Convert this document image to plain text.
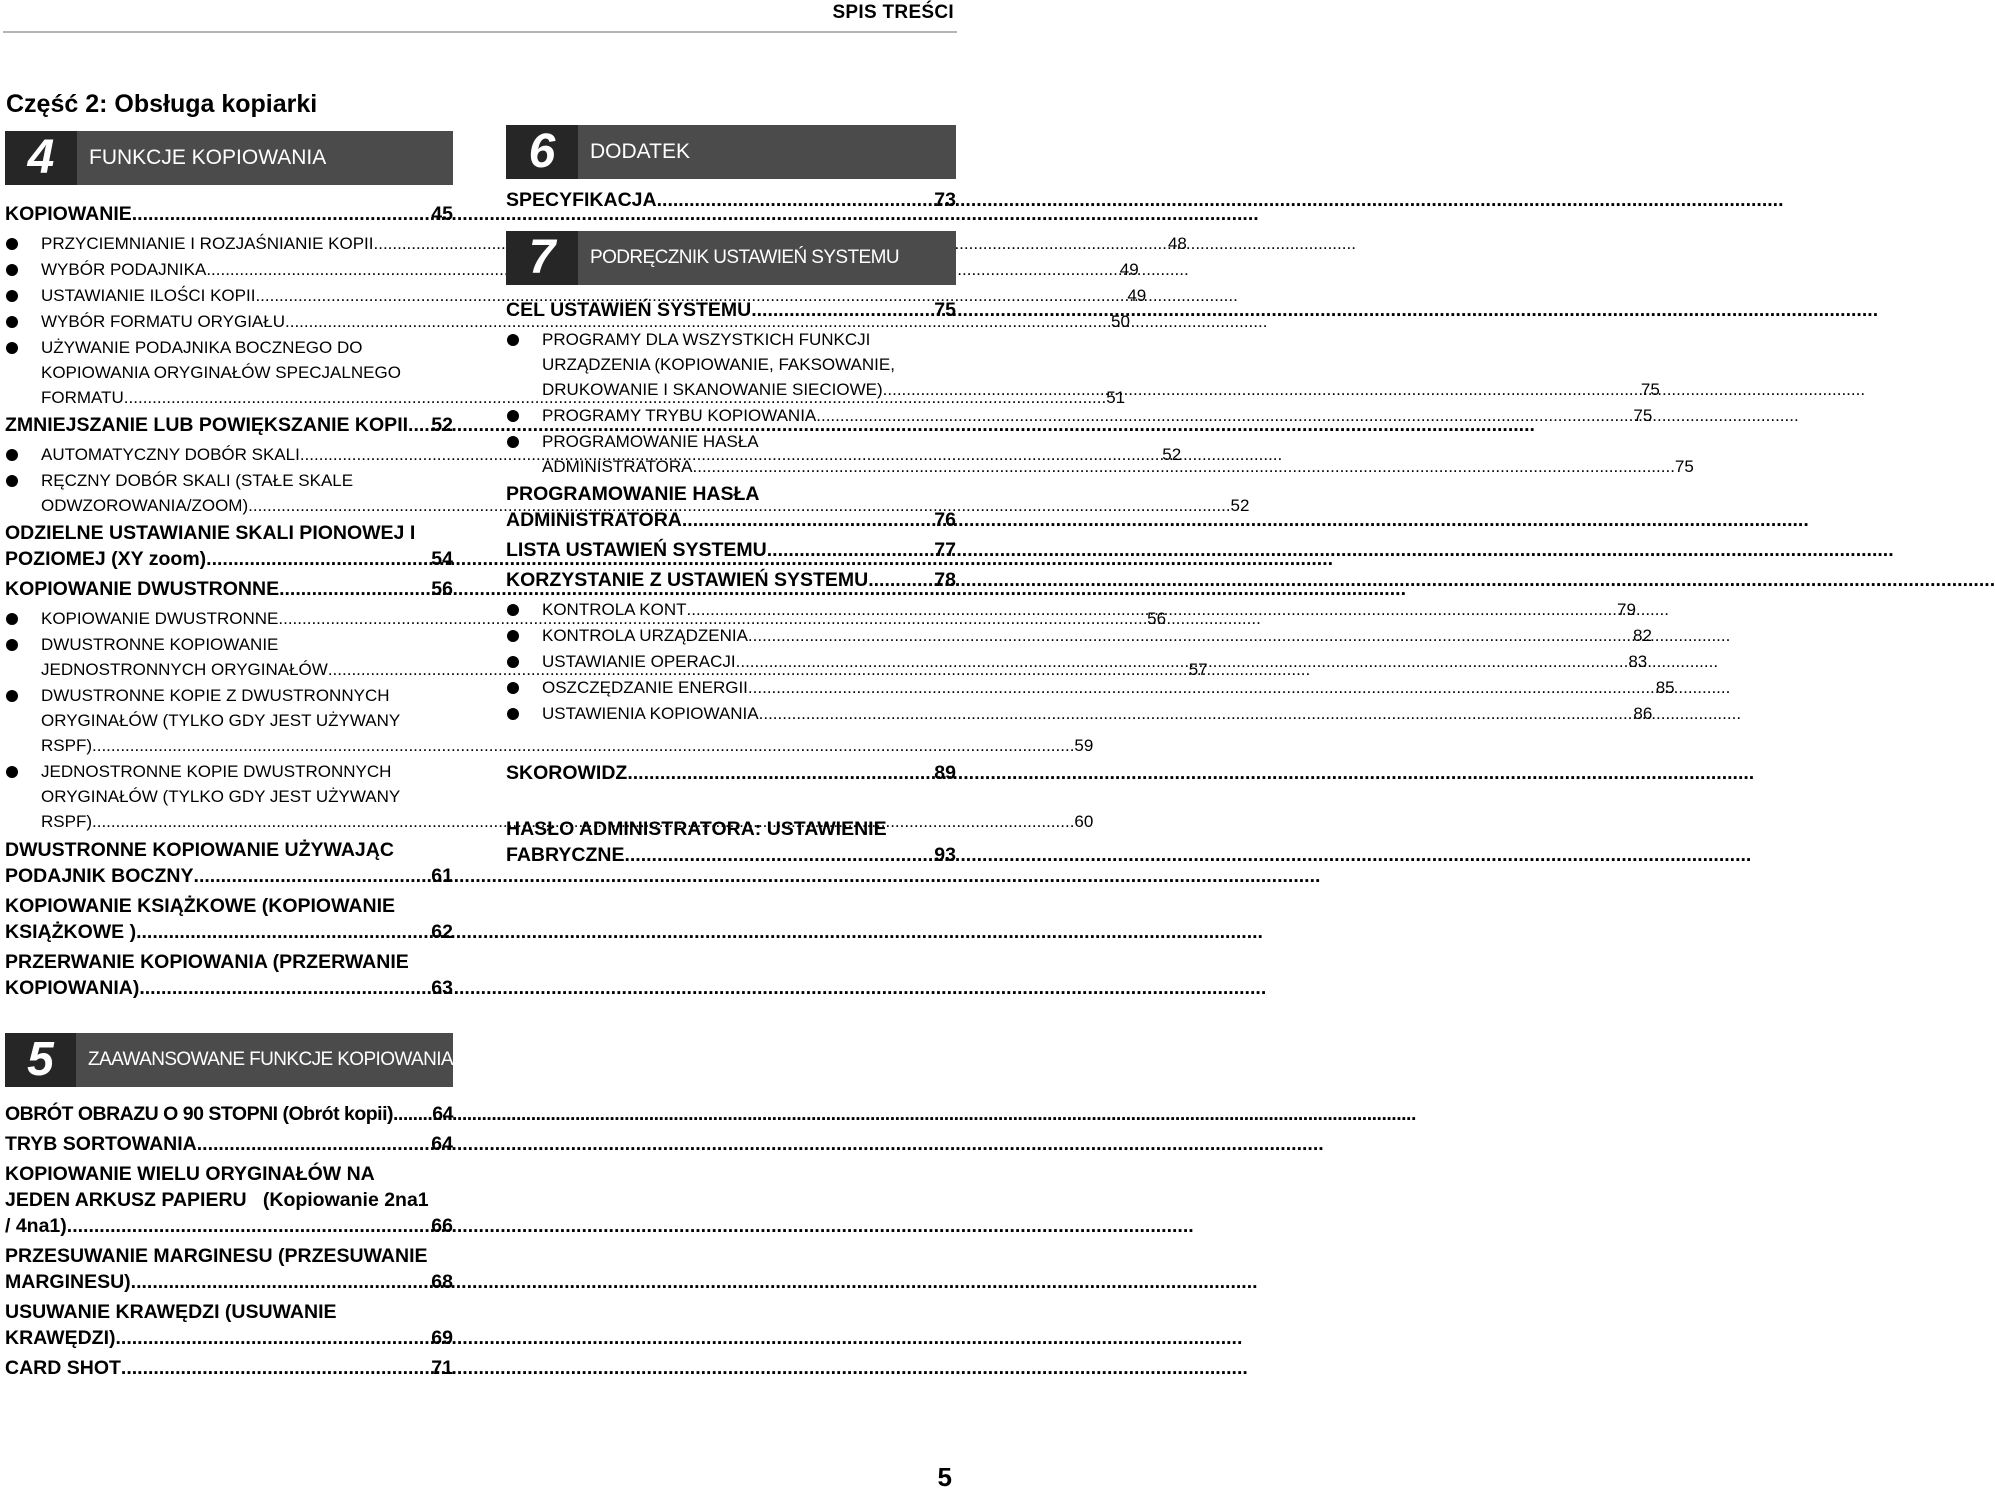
SPIS TREŚCI
Część 2: Obsługa kopiarki
4	FUNKCJE KOPIOWANIA
KOPIOWANIE .....	45
PRZYCIEMNIANIE I ROZJAŚNIANIE KOPII .....	48
WYBÓR PODAJNIKA .....	49
USTAWIANIE ILOŚCI KOPII .....	49
WYBÓR FORMATU ORYGIAŁU .....	50
UŻYWANIE PODAJNIKA BOCZNEGO DO
KOPIOWANIA ORYGINAŁÓW SPECJALNEGO
FORMATU .....	51
ZMNIEJSZANIE LUB POWIĘKSZANIE KOPII ..... 52
AUTOMATYCZNY DOBÓR SKALI .....	52
RĘCZNY DOBÓR SKALI (STAŁE SKALE
ODWZOROWANIA/ZOOM) .....	52
ODZIELNE USTAWIANIE SKALI PIONOWEJ I
POZIOMEJ (XY zoom) .....	54
KOPIOWANIE DWUSTRONNE .....	56
KOPIOWANIE DWUSTRONNE .....	56
DWUSTRONNE KOPIOWANIE
JEDNOSTRONNYCH ORYGINAŁÓW .....	57
DWUSTRONNE KOPIE Z DWUSTRONNYCH
ORYGINAŁÓW (TYLKO GDY JEST UŻYWANY
RSPF) .....	59
JEDNOSTRONNE KOPIE DWUSTRONNYCH
ORYGINAŁÓW (TYLKO GDY JEST UŻYWANY
RSPF) .....	60
DWUSTRONNE KOPIOWANIE UŻYWAJĄC
PODAJNIK BOCZNY .....	61
KOPIOWANIE KSIĄŻKOWE (KOPIOWANIE
KSIĄŻKOWE ) .....	62
PRZERWANIE KOPIOWANIA (PRZERWANIE
KOPIOWANIA) .....	63
5	ZAAWANSOWANE FUNKCJE KOPIOWANIA
OBRÓT OBRAZU O 90 STOPNI (Obrót kopii) ..... 64
TRYB SORTOWANIA .....	64
KOPIOWANIE WIELU ORYGINAŁÓW NA
JEDEN ARKUSZ PAPIERU   (Kopiowanie 2na1
/ 4na1) .....	66
PRZESUWANIE MARGINESU (PRZESUWANIE
MARGINESU) .....	68
USUWANIE KRAWĘDZI (USUWANIE
KRAWĘDZI) .....	69
CARD SHOT .....	71
6	DODATEK
SPECYFIKACJA .....	73
7	PODRĘCZNIK USTAWIEŃ SYSTEMU
CEL USTAWIEŃ SYSTEMU .....	75
PROGRAMY DLA WSZYSTKICH FUNKCJI
URZĄDZENIA (KOPIOWANIE, FAKSOWANIE,
DRUKOWANIE I SKANOWANIE SIECIOWE) .....	75
PROGRAMY TRYBU KOPIOWANIA .....	75
PROGRAMOWANIE HASŁA
ADMINISTRATORA .....	75
PROGRAMOWANIE HASŁA
ADMINISTRATORA .....	76
LISTA USTAWIEŃ SYSTEMU .....	77
KORZYSTANIE Z USTAWIEŃ SYSTEMU .....	78
KONTROLA KONT .....	79
KONTROLA URZĄDZENIA .....	82
USTAWIANIE OPERACJI .....	83
OSZCZĘDZANIE ENERGII .....	85
USTAWIENIA KOPIOWANIA .....	86
SKOROWIDZ .....	89
HASŁO ADMINISTRATORA: USTAWIENIE
FABRYCZNE .....	93
5
